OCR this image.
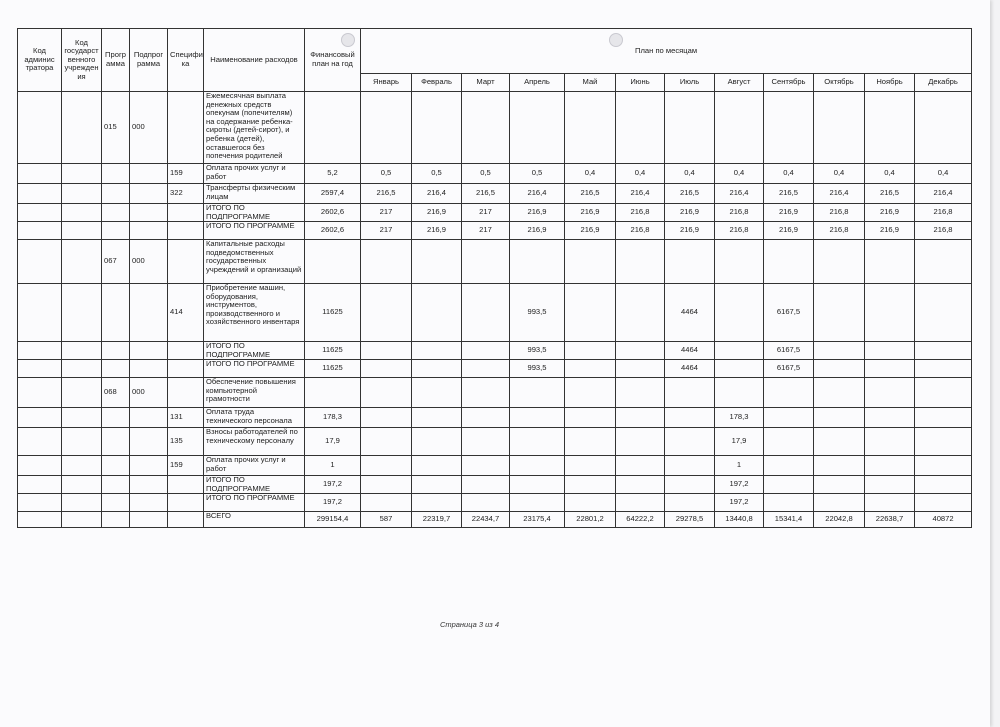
Код админис тратора	Код государст венного учрежден ия	Прогр амма	Подпрог рамма	Специфи ка	Наименование расходов	Финансовый план на год	План по месяцам											
							Январь	Февраль	Март	Апрель	Май	Июнь	Июль	Август	Сентябрь	Октябрь	Ноябрь	Декабрь
		015	000		Ежемесячная выплата денежных средств опекунам (попечителям) на содержание ребенка-сироты (детей-сирот), и ребенка (детей), оставшегося без попечения родителей													

				159	Оплата прочих услуг и работ	5,2	0,5	0,5	0,5	0,5	0,4	0,4	0,4	0,4	0,4	0,4	0,4	0,4
				322	Трансферты физическим лицам	2597,4	216,5	216,4	216,5	216,4	216,5	216,4	216,5	216,4	216,5	216,4	216,5	216,4

					ИТОГО ПО ПОДПРОГРАММЕ	2602,6	217	216,9	217	216,9	216,9	216,8	216,9	216,8	216,9	216,8	216,9	216,8

					ИТОГО ПО ПРОГРАММЕ	2602,6	217	216,9	217	216,9	216,9	216,8	216,9	216,8	216,9	216,8	216,9	216,8
		067	000		Капитальные расходы подведомственных государственных учреждений и организаций													

				414	Приобретение машин, оборудования, инструментов, производственного и хозяйственного инвентаря	11625				993,5			4464		6167,5			

					ИТОГО ПО ПОДПРОГРАММЕ	11625				993,5			4464		6167,5			

					ИТОГО ПО ПРОГРАММЕ	11625				993,5			4464		6167,5			
		068	000		Обеспечение повышения компьютерной грамотности													

				131	Оплата труда технического персонала	178,3								178,3				
				135	Взносы работодателей по техническому персоналу	17,9								17,9				
				159	Оплата прочих услуг и работ	1								1				

					ИТОГО ПО ПОДПРОГРАММЕ	197,2								197,2				

					ИТОГО ПО ПРОГРАММЕ	197,2								197,2				

					ВСЕГО	299154,4	587	22319,7	22434,7	23175,4	22801,2	64222,2	29278,5	13440,8	15341,4	22042,8	22638,7	40872
Страница 3 из 4
